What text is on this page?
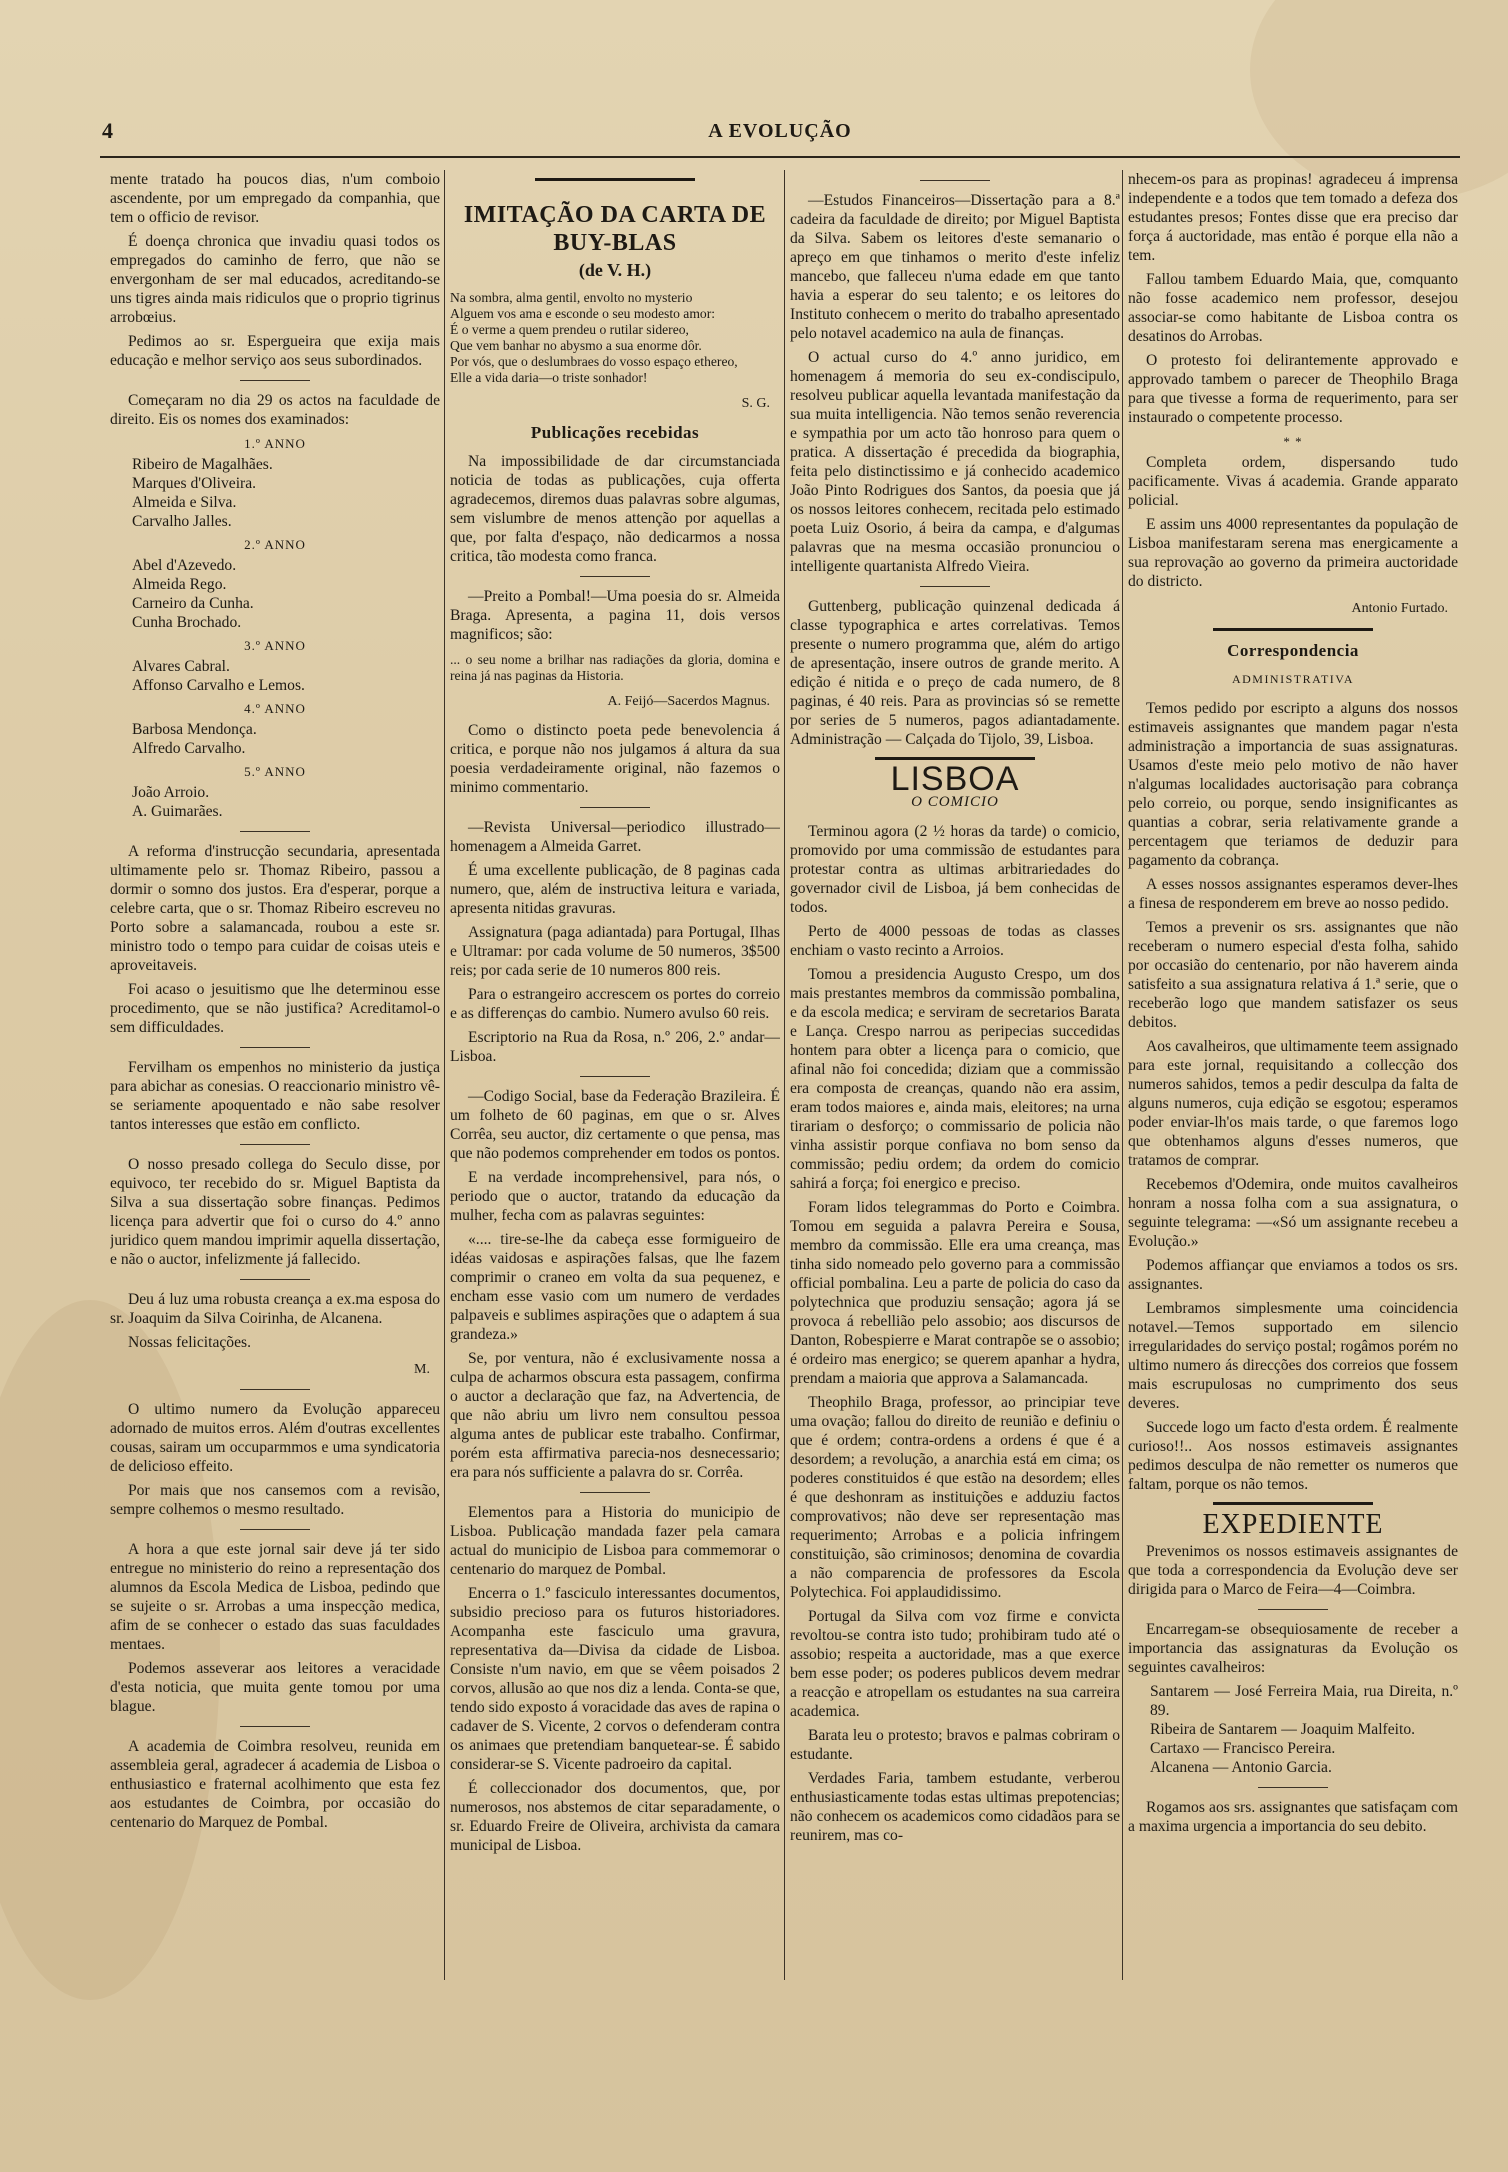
4	A EVOLUÇÃO

mente tratado ha poucos dias, n'um comboio ascendente, por um empregado da companhia, que tem o officio de revisor.

É doença chronica que invadiu quasi todos os empregados do caminho de ferro, que não se envergonham de ser mal educados, acreditando-se uns tigres ainda mais ridiculos que o proprio tigrinus arrobœius.

Pedimos ao sr. Espergueira que exija mais educação e melhor serviço aos seus subordinados.

Começaram no dia 29 os actos na faculdade de direito. Eis os nomes dos examinados:

1.º ANNO
Ribeiro de Magalhães.
Marques d'Oliveira.
Almeida e Silva.
Carvalho Jalles.
2.º ANNO
Abel d'Azevedo.
Almeida Rego.
Carneiro da Cunha.
Cunha Brochado.
3.º ANNO
Alvares Cabral.
Affonso Carvalho e Lemos.
4.º ANNO
Barbosa Mendonça.
Alfredo Carvalho.
5.º ANNO
João Arroio.
A. Guimarães.

A reforma d'instrucção secundaria, apresentada ultimamente pelo sr. Thomaz Ribeiro, passou a dormir o somno dos justos. Era d'esperar, porque a celebre carta, que o sr. Thomaz Ribeiro escreveu no Porto sobre a salamancada, roubou a este sr. ministro todo o tempo para cuidar de coisas uteis e aproveitaveis.

Foi acaso o jesuitismo que lhe determinou esse procedimento, que se não justifica? Acreditamol-o sem difficuldades.

Fervilham os empenhos no ministerio da justiça para abichar as conesias. O reaccionario ministro vê-se seriamente apoquentado e não sabe resolver tantos interesses que estão em conflicto.

O nosso presado collega do Seculo disse, por equivoco, ter recebido do sr. Miguel Baptista da Silva a sua dissertação sobre finanças. Pedimos licença para advertir que foi o curso do 4.º anno juridico quem mandou imprimir aquella dissertação, e não o auctor, infelizmente já fallecido.

Deu á luz uma robusta creança a ex.ma esposa do sr. Joaquim da Silva Coirinha, de Alcanena.

Nossas felicitações.

M.

O ultimo numero da Evolução appareceu adornado de muitos erros. Além d'outras excellentes cousas, sairam um occuparmmos e uma syndicatoria de delicioso effeito.

Por mais que nos cansemos com a revisão, sempre colhemos o mesmo resultado.

A hora a que este jornal sair deve já ter sido entregue no ministerio do reino a representação dos alumnos da Escola Medica de Lisboa, pedindo que se sujeite o sr. Arrobas a uma inspecção medica, afim de se conhecer o estado das suas faculdades mentaes.

Podemos asseverar aos leitores a veracidade d'esta noticia, que muita gente tomou por uma blague.

A academia de Coimbra resolveu, reunida em assembleia geral, agradecer á academia de Lisboa o enthusiastico e fraternal acolhimento que esta fez aos estudantes de Coimbra, por occasião do centenario do Marquez de Pombal.

IMITAÇÃO DA CARTA DE BUY-BLAS
(de V. H.)
Na sombra, alma gentil, envolto no mysterio
Alguem vos ama e esconde o seu modesto amor:
É o verme a quem prendeu o rutilar sidereo,
Que vem banhar no abysmo a sua enorme dôr.
Por vós, que o deslumbraes do vosso espaço ethereo,
Elle a vida daria—o triste sonhador!
S. G.
Publicações recebidas

Na impossibilidade de dar circumstanciada noticia de todas as publicações, cuja offerta agradecemos, diremos duas palavras sobre algumas, sem vislumbre de menos attenção por aquellas a que, por falta d'espaço, não dedicarmos a nossa critica, tão modesta como franca.

—Preito a Pombal!—Uma poesia do sr. Almeida Braga. Apresenta, a pagina 11, dois versos magnificos; são:

... o seu nome a brilhar nas radiações da gloria, domina e reina já nas paginas da Historia.
A. Feijó—Sacerdos Magnus.

Como o distincto poeta pede benevolencia á critica, e porque não nos julgamos á altura da sua poesia verdadeiramente original, não fazemos o minimo commentario.

—Revista Universal—periodico illustrado—homenagem a Almeida Garret.

É uma excellente publicação, de 8 paginas cada numero, que, além de instructiva leitura e variada, apresenta nitidas gravuras.

Assignatura (paga adiantada) para Portugal, Ilhas e Ultramar: por cada volume de 50 numeros, 3$500 reis; por cada serie de 10 numeros 800 reis.

Para o estrangeiro accrescem os portes do correio e as differenças do cambio. Numero avulso 60 reis.

Escriptorio na Rua da Rosa, n.º 206, 2.º andar—Lisboa.

—Codigo Social, base da Federação Brazileira. É um folheto de 60 paginas, em que o sr. Alves Corrêa, seu auctor, diz certamente o que pensa, mas que não podemos comprehender em todos os pontos.

E na verdade incomprehensivel, para nós, o periodo que o auctor, tratando da educação da mulher, fecha com as palavras seguintes:

«.... tire-se-lhe da cabeça esse formigueiro de idéas vaidosas e aspirações falsas, que lhe fazem comprimir o craneo em volta da sua pequenez, e encham esse vasio com um numero de verdades palpaveis e sublimes aspirações que o adaptem á sua grandeza.»

Se, por ventura, não é exclusivamente nossa a culpa de acharmos obscura esta passagem, confirma o auctor a declaração que faz, na Advertencia, de que não abriu um livro nem consultou pessoa alguma antes de publicar este trabalho. Confirmar, porém esta affirmativa parecia-nos desnecessario; era para nós sufficiente a palavra do sr. Corrêa.

Elementos para a Historia do municipio de Lisboa. Publicação mandada fazer pela camara actual do municipio de Lisboa para commemorar o centenario do marquez de Pombal.

Encerra o 1.º fasciculo interessantes documentos, subsidio precioso para os futuros historiadores. Acompanha este fasciculo uma gravura, representativa da—Divisa da cidade de Lisboa. Consiste n'um navio, em que se vêem poisados 2 corvos, allusão ao que nos diz a lenda. Conta-se que, tendo sido exposto á voracidade das aves de rapina o cadaver de S. Vicente, 2 corvos o defenderam contra os animaes que pretendiam banquetear-se. É sabido considerar-se S. Vicente padroeiro da capital.

É colleccionador dos documentos, que, por numerosos, nos abstemos de citar separadamente, o sr. Eduardo Freire de Oliveira, archivista da camara municipal de Lisboa.

—Estudos Financeiros—Dissertação para a 8.ª cadeira da faculdade de direito; por Miguel Baptista da Silva. Sabem os leitores d'este semanario o apreço em que tinhamos o merito d'este infeliz mancebo, que falleceu n'uma edade em que tanto havia a esperar do seu talento; e os leitores do Instituto conhecem o merito do trabalho apresentado pelo notavel academico na aula de finanças.

O actual curso do 4.º anno juridico, em homenagem á memoria do seu ex-condiscipulo, resolveu publicar aquella levantada manifestação da sua muita intelligencia. Não temos senão reverencia e sympathia por um acto tão honroso para quem o pratica. A dissertação é precedida da biographia, feita pelo distinctissimo e já conhecido academico João Pinto Rodrigues dos Santos, da poesia que já os nossos leitores conhecem, recitada pelo estimado poeta Luiz Osorio, á beira da campa, e d'algumas palavras que na mesma occasião pronunciou o intelligente quartanista Alfredo Vieira.

Guttenberg, publicação quinzenal dedicada á classe typographica e artes correlativas. Temos presente o numero programma que, além do artigo de apresentação, insere outros de grande merito. A edição é nitida e o preço de cada numero, de 8 paginas, é 40 reis. Para as provincias só se remette por series de 5 numeros, pagos adiantadamente. Administração — Calçada do Tijolo, 39, Lisboa.

LISBOA
O COMICIO

Terminou agora (2 ½ horas da tarde) o comicio, promovido por uma commissão de estudantes para protestar contra as ultimas arbitrariedades do governador civil de Lisboa, já bem conhecidas de todos.

Perto de 4000 pessoas de todas as classes enchiam o vasto recinto a Arroios.

Tomou a presidencia Augusto Crespo, um dos mais prestantes membros da commissão pombalina, e da escola medica; e serviram de secretarios Barata e Lança. Crespo narrou as peripecias succedidas hontem para obter a licença para o comicio, que afinal não foi concedida; diziam que a commissão era composta de creanças, quando não era assim, eram todos maiores e, ainda mais, eleitores; na urna tirariam o desforço; o commissario de policia não vinha assistir porque confiava no bom senso da commissão; pediu ordem; da ordem do comicio sahirá a força; foi energico e preciso.

Foram lidos telegrammas do Porto e Coimbra. Tomou em seguida a palavra Pereira e Sousa, membro da commissão. Elle era uma creança, mas tinha sido nomeado pelo governo para a commissão official pombalina. Leu a parte de policia do caso da polytechnica que produziu sensação; agora já se provoca á rebellião pelo assobio; aos discursos de Danton, Robespierre e Marat contrapõe se o assobio; é ordeiro mas energico; se querem apanhar a hydra, prendam a maioria que approva a Salamancada.

Theophilo Braga, professor, ao principiar teve uma ovação; fallou do direito de reunião e definiu o que é ordem; contra-ordens a ordens é que é a desordem; a revolução, a anarchia está em cima; os poderes constituidos é que estão na desordem; elles é que deshonram as instituições e adduziu factos comprovativos; não deve ser representação mas requerimento; Arrobas e a policia infringem constituição, são criminosos; denomina de covardia a não comparencia de professores da Escola Polytechica. Foi applaudidissimo.

Portugal da Silva com voz firme e convicta revoltou-se contra isto tudo; prohibiram tudo até o assobio; respeita a auctoridade, mas a que exerce bem esse poder; os poderes publicos devem medrar a reacção e atropellam os estudantes na sua carreira academica.

Barata leu o protesto; bravos e palmas cobriram o estudante.

Verdades Faria, tambem estudante, verberou enthusiasticamente todas estas ultimas prepotencias; não conhecem os academicos como cidadãos para se reunirem, mas co-

nhecem-os para as propinas! agradeceu á imprensa independente e a todos que tem tomado a defeza dos estudantes presos; Fontes disse que era preciso dar força á auctoridade, mas então é porque ella não a tem.

Fallou tambem Eduardo Maia, que, comquanto não fosse academico nem professor, desejou associar-se como habitante de Lisboa contra os desatinos do Arrobas.

O protesto foi delirantemente approvado e approvado tambem o parecer de Theophilo Braga para que tivesse a forma de requerimento, para ser instaurado o competente processo.

* *

Completa ordem, dispersando tudo pacificamente. Vivas á academia. Grande apparato policial.

E assim uns 4000 representantes da população de Lisboa manifestaram serena mas energicamente a sua reprovação ao governo da primeira auctoridade do districto.

Antonio Furtado.
Correspondencia
ADMINISTRATIVA

Temos pedido por escripto a alguns dos nossos estimaveis assignantes que mandem pagar n'esta administração a importancia de suas assignaturas. Usamos d'este meio pelo motivo de não haver n'algumas localidades auctorisação para cobrança pelo correio, ou porque, sendo insignificantes as quantias a cobrar, seria relativamente grande a percentagem que teriamos de deduzir para pagamento da cobrança.

A esses nossos assignantes esperamos dever-lhes a finesa de responderem em breve ao nosso pedido.

Temos a prevenir os srs. assignantes que não receberam o numero especial d'esta folha, sahido por occasião do centenario, por não haverem ainda satisfeito a sua assignatura relativa á 1.ª serie, que o receberão logo que mandem satisfazer os seus debitos.

Aos cavalheiros, que ultimamente teem assignado para este jornal, requisitando a collecção dos numeros sahidos, temos a pedir desculpa da falta de alguns numeros, cuja edição se esgotou; esperamos poder enviar-lh'os mais tarde, o que faremos logo que obtenhamos alguns d'esses numeros, que tratamos de comprar.

Recebemos d'Odemira, onde muitos cavalheiros honram a nossa folha com a sua assignatura, o seguinte telegrama: —«Só um assignante recebeu a Evolução.»

Podemos affiançar que enviamos a todos os srs. assignantes.

Lembramos simplesmente uma coincidencia notavel.—Temos supportado em silencio irregularidades do serviço postal; rogâmos porém no ultimo numero ás direcções dos correios que fossem mais escrupulosas no cumprimento dos seus deveres.

Succede logo um facto d'esta ordem. É realmente curioso!!.. Aos nossos estimaveis assignantes pedimos desculpa de não remetter os numeros que faltam, porque os não temos.

EXPEDIENTE

Prevenimos os nossos estimaveis assignantes de que toda a correspondencia da Evolução deve ser dirigida para o Marco de Feira—4—Coimbra.

Encarregam-se obsequiosamente de receber a importancia das assignaturas da Evolução os seguintes cavalheiros:

Santarem — José Ferreira Maia, rua Direita, n.º 89.
Ribeira de Santarem — Joaquim Malfeito.
Cartaxo — Francisco Pereira.
Alcanena — Antonio Garcia.

Rogamos aos srs. assignantes que satisfaçam com a maxima urgencia a importancia do seu debito.
